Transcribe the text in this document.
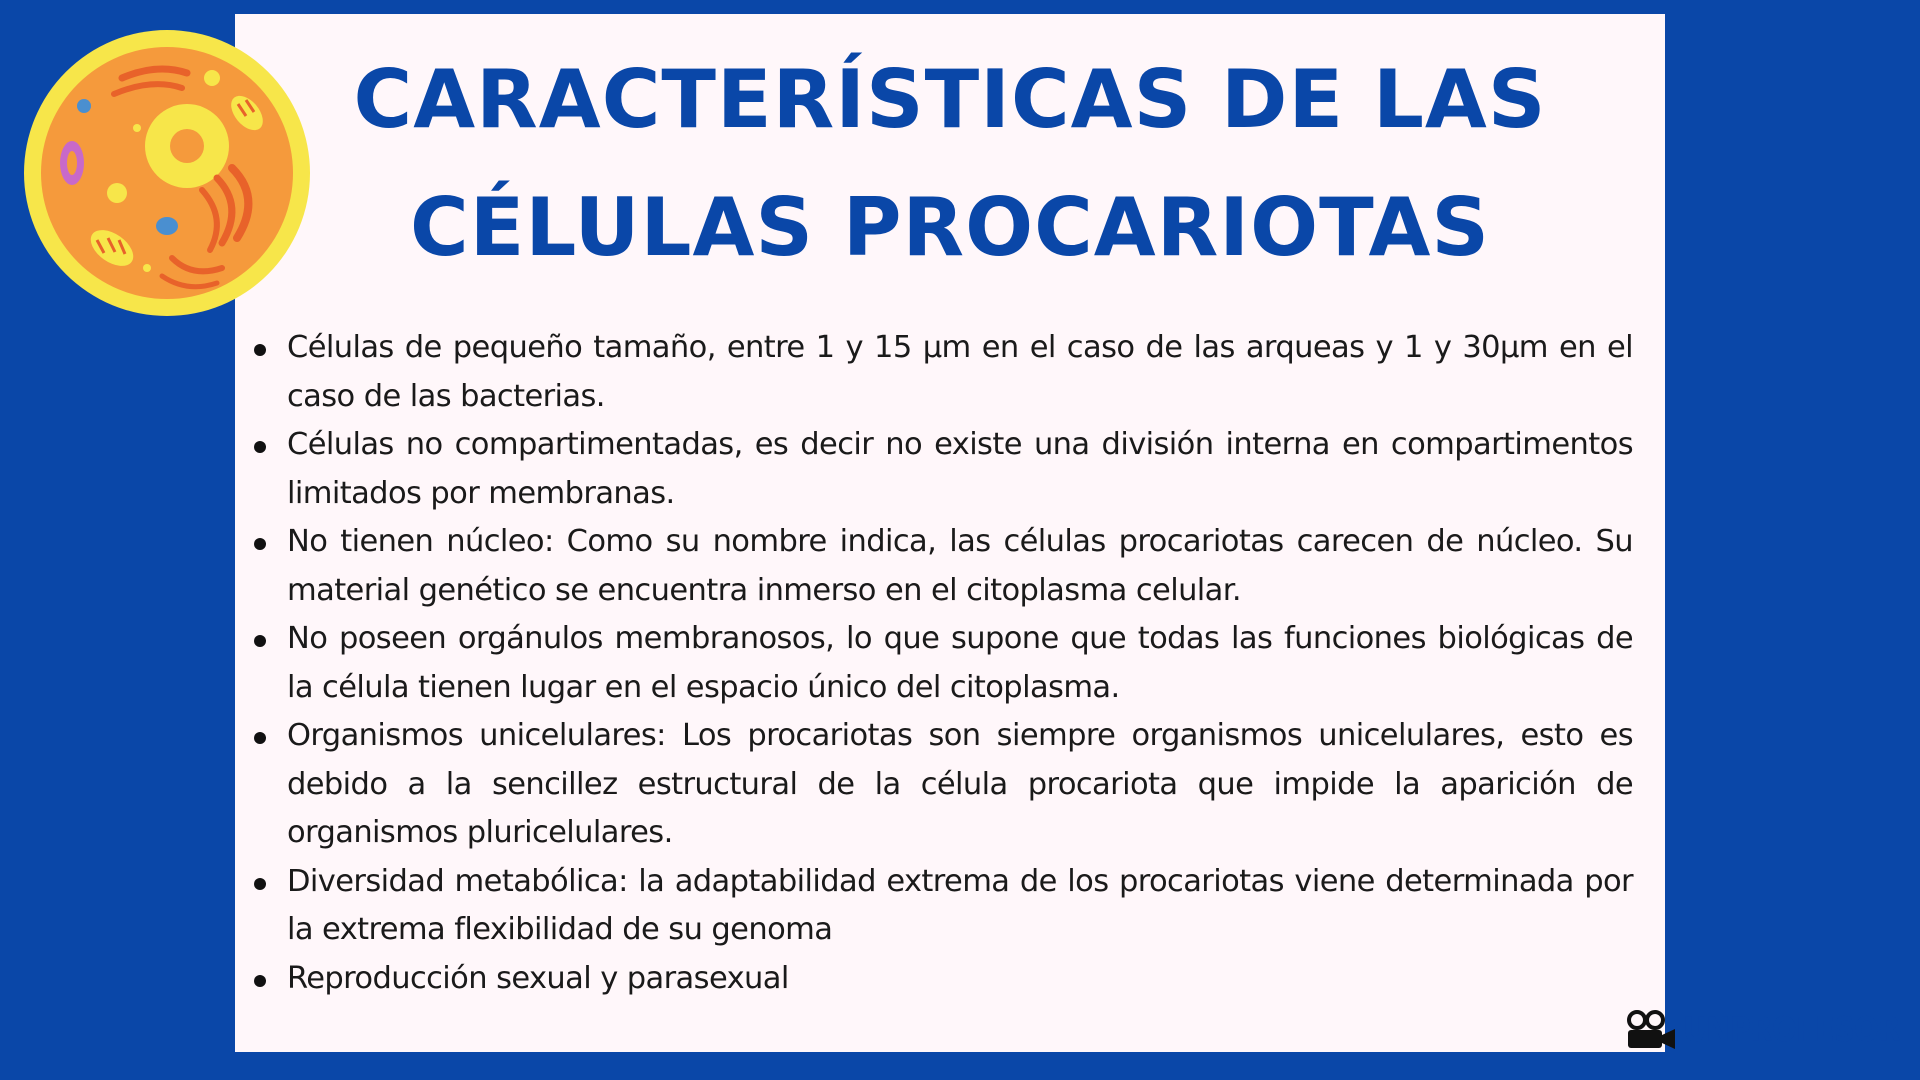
CARACTERÍSTICAS DE LAS
CÉLULAS PROCARIOTAS
Células de pequeño tamaño, entre 1 y 15 μm en el caso de las arqueas y 1 y 30μm en el caso de las bacterias.
Células no compartimentadas, es decir no existe una división interna en compartimentos limitados por membranas.
No tienen núcleo: Como su nombre indica, las células procariotas carecen de núcleo. Su material genético se encuentra inmerso en el citoplasma celular.
No poseen orgánulos membranosos, lo que supone que todas las funciones biológicas de la célula tienen lugar en el espacio único del citoplasma.
Organismos unicelulares: Los procariotas son siempre organismos unicelulares, esto es debido a la sencillez estructural de la célula procariota que impide la aparición de organismos pluricelulares.
Diversidad metabólica: la adaptabilidad extrema de los procariotas viene determinada por la extrema flexibilidad de su genoma
Reproducción sexual y parasexual
UNPROFESOR
